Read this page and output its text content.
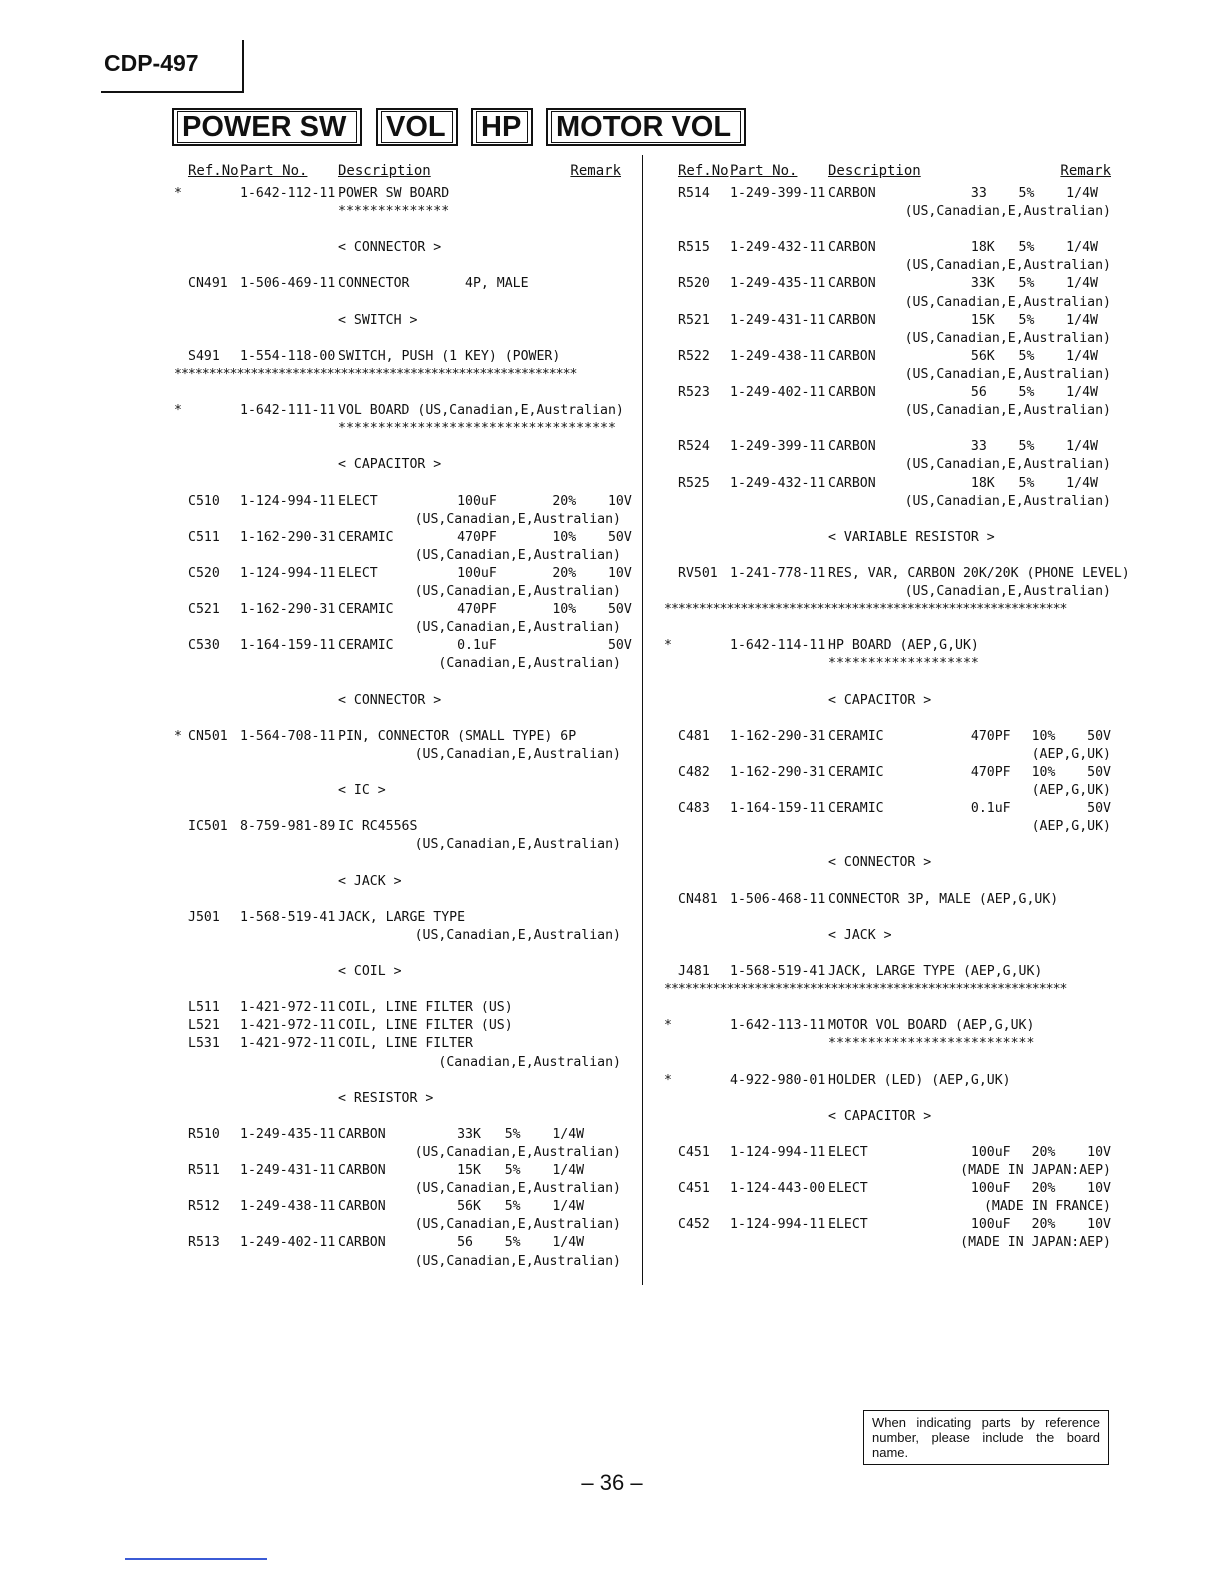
CDP-497
POWER SW	VOL HP MOTOR VOL
Ref.No Part No. Description	Remark
*	1-642-112-11 POWER SW BOARD
**************
< CONNECTOR >
CN491 1-506-469-11 CONNECTOR       4P, MALE
< SWITCH >
S491 1-554-118-00 SWITCH, PUSH (1 KEY) (POWER)
**********************************************************
*	1-642-111-11 VOL BOARD (US,Canadian,E,Australian)
***********************************
< CAPACITOR >
C510 1-124-994-11 ELECT          100uF       20%    10V
(US,Canadian,E,Australian)
C511 1-162-290-31 CERAMIC        470PF       10%    50V
(US,Canadian,E,Australian)
C520 1-124-994-11 ELECT          100uF       20%    10V
(US,Canadian,E,Australian)
C521 1-162-290-31 CERAMIC        470PF       10%    50V
(US,Canadian,E,Australian)
C530 1-164-159-11 CERAMIC        0.1uF              50V
(Canadian,E,Australian)
< CONNECTOR >
* CN501 1-564-708-11 PIN, CONNECTOR (SMALL TYPE) 6P
(US,Canadian,E,Australian)
< IC >
IC501 8-759-981-89 IC RC4556S
(US,Canadian,E,Australian)
< JACK >
J501 1-568-519-41 JACK, LARGE TYPE
(US,Canadian,E,Australian)
< COIL >
L511 1-421-972-11 COIL, LINE FILTER (US)
L521 1-421-972-11 COIL, LINE FILTER (US)
L531 1-421-972-11 COIL, LINE FILTER
(Canadian,E,Australian)
< RESISTOR >
R510 1-249-435-11 CARBON         33K   5%    1/4W
(US,Canadian,E,Australian)
R511 1-249-431-11 CARBON         15K   5%    1/4W
(US,Canadian,E,Australian)
R512 1-249-438-11 CARBON         56K   5%    1/4W
(US,Canadian,E,Australian)
R513 1-249-402-11 CARBON         56    5%    1/4W
(US,Canadian,E,Australian)
Ref.No Part No. Description	Remark
R514 1-249-399-11 CARBON            33    5%    1/4W
(US,Canadian,E,Australian)
R515 1-249-432-11 CARBON            18K   5%    1/4W
(US,Canadian,E,Australian)
R520 1-249-435-11 CARBON            33K   5%    1/4W
(US,Canadian,E,Australian)
R521 1-249-431-11 CARBON            15K   5%    1/4W
(US,Canadian,E,Australian)
R522 1-249-438-11 CARBON            56K   5%    1/4W
(US,Canadian,E,Australian)
R523 1-249-402-11 CARBON            56    5%    1/4W
(US,Canadian,E,Australian)
R524 1-249-399-11 CARBON            33    5%    1/4W
(US,Canadian,E,Australian)
R525 1-249-432-11 CARBON            18K   5%    1/4W
(US,Canadian,E,Australian)
< VARIABLE RESISTOR >
RV501 1-241-778-11 RES, VAR, CARBON 20K/20K (PHONE LEVEL)
(US,Canadian,E,Australian)
**********************************************************
*	1-642-114-11 HP BOARD (AEP,G,UK)
*******************
< CAPACITOR >
C481 1-162-290-31 CERAMIC           470PF 10%    50V
(AEP,G,UK)
C482 1-162-290-31 CERAMIC           470PF 10%    50V
(AEP,G,UK)
C483 1-164-159-11 CERAMIC           0.1uF	50V
(AEP,G,UK)
< CONNECTOR >
CN481 1-506-468-11 CONNECTOR 3P, MALE (AEP,G,UK)
< JACK >
J481 1-568-519-41 JACK, LARGE TYPE (AEP,G,UK)
**********************************************************
*	1-642-113-11 MOTOR VOL BOARD (AEP,G,UK)
**************************
*	4-922-980-01 HOLDER (LED) (AEP,G,UK)
< CAPACITOR >
C451 1-124-994-11 ELECT             100uF 20%    10V
(MADE IN JAPAN:AEP)
C451 1-124-443-00 ELECT             100uF 20%    10V
(MADE IN FRANCE)
C452 1-124-994-11 ELECT             100uF 20%    10V
(MADE IN JAPAN:AEP)
When indicating parts by reference number, please include the board name.
– 36 –
